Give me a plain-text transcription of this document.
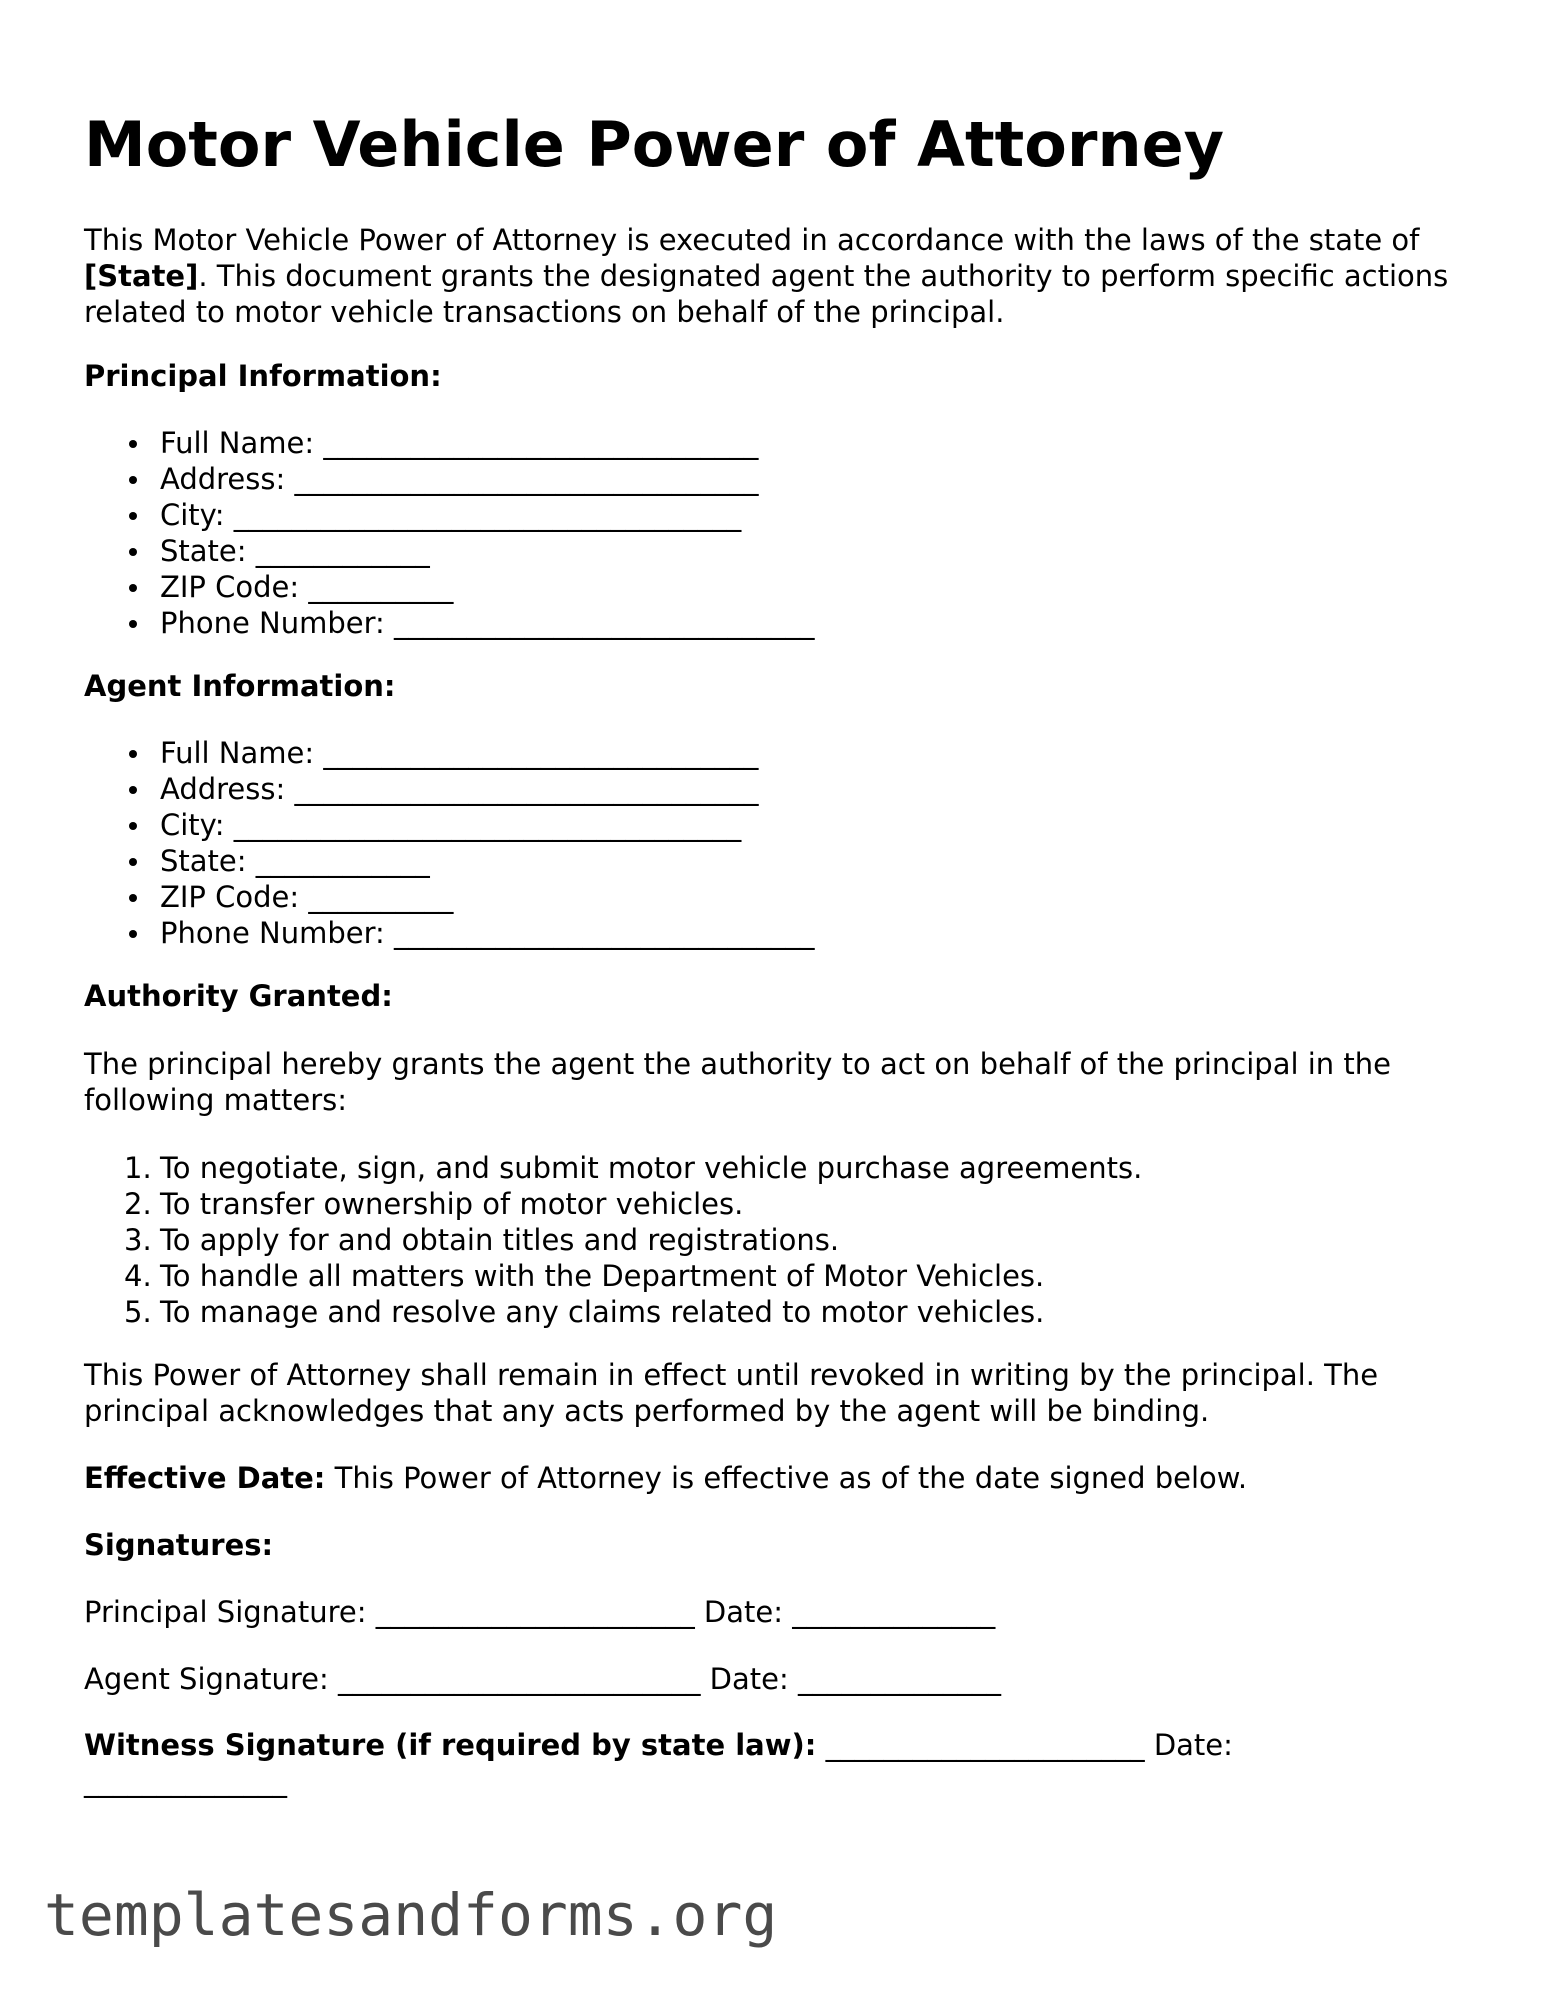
Motor Vehicle Power of Attorney

This Motor Vehicle Power of Attorney is executed in accordance with the laws of the state of [State]. This document grants the designated agent the authority to perform specific actions related to motor vehicle transactions on behalf of the principal.

Principal Information:
Full Name: ______________________________
Address: ________________________________
City: ___________________________________
State: ____________
ZIP Code: __________
Phone Number: _____________________________
Agent Information:
Full Name: ______________________________
Address: ________________________________
City: ___________________________________
State: ____________
ZIP Code: __________
Phone Number: _____________________________
Authority Granted:

The principal hereby grants the agent the authority to act on behalf of the principal in the following matters:

1. To negotiate, sign, and submit motor vehicle purchase agreements.
2. To transfer ownership of motor vehicles.
3. To apply for and obtain titles and registrations.
4. To handle all matters with the Department of Motor Vehicles.
5. To manage and resolve any claims related to motor vehicles.

This Power of Attorney shall remain in effect until revoked in writing by the principal. The principal acknowledges that any acts performed by the agent will be binding.

Effective Date: This Power of Attorney is effective as of the date signed below.

Signatures:
Principal Signature: ______________________ Date: ______________
Agent Signature: _________________________ Date: ______________
Witness Signature (if required by state law): ______________________ Date: ______________
templatesandforms.org
